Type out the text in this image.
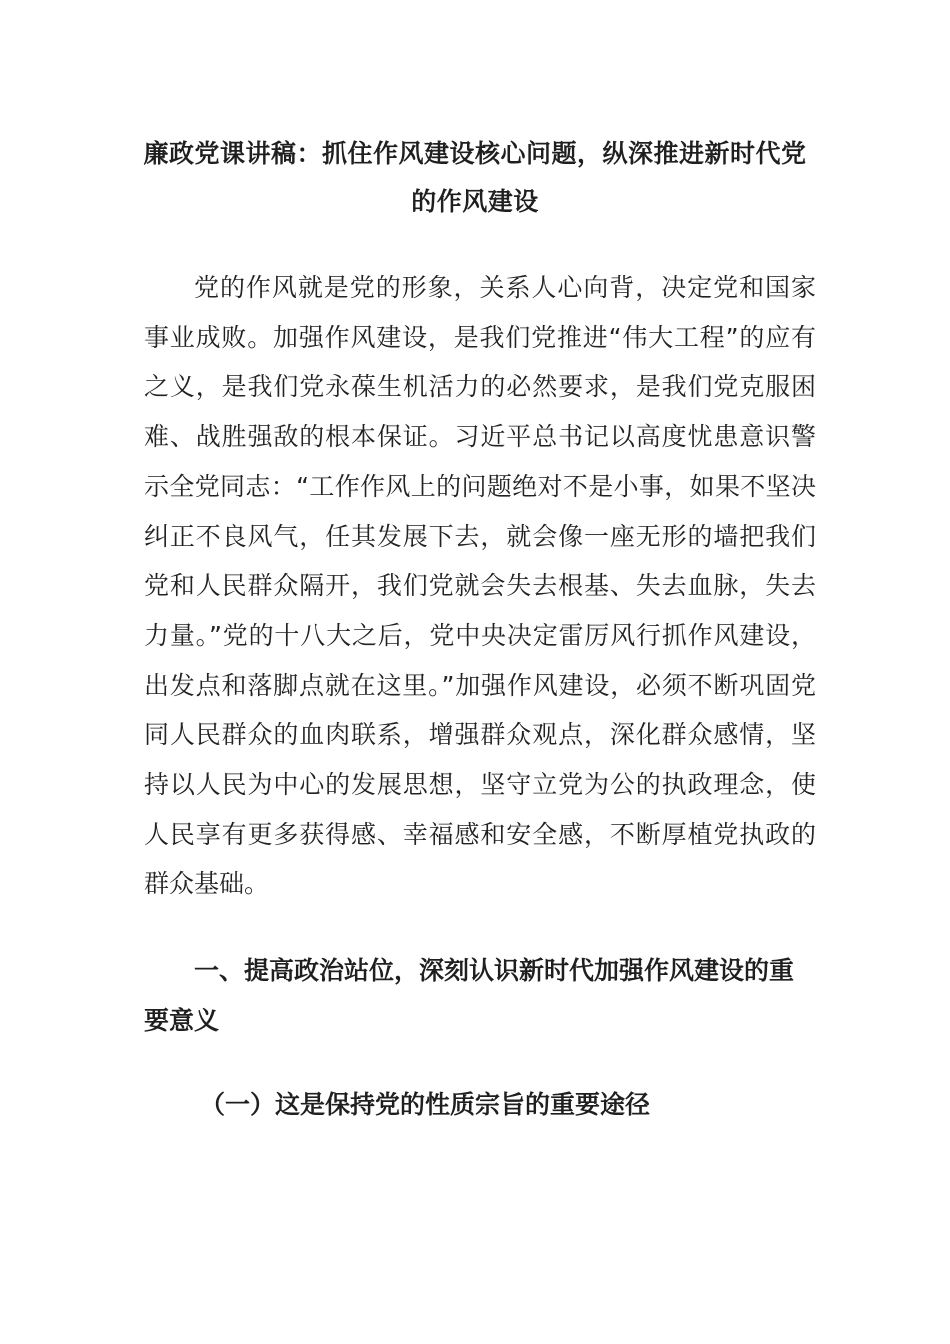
廉政党课讲稿：抓住作风建设核心问题，纵深推进新时代党的作风建设

党的作风就是党的形象，关系人心向背，决定党和国家事业成败。加强作风建设，是我们党推进“伟大工程”的应有之义，是我们党永葆生机活力的必然要求，是我们党克服困难、战胜强敌的根本保证。习近平总书记以高度忧患意识警示全党同志：“工作作风上的问题绝对不是小事，如果不坚决纠正不良风气，任其发展下去，就会像一座无形的墙把我们党和人民群众隔开，我们党就会失去根基、失去血脉，失去力量。”党的十八大之后，党中央决定雷厉风行抓作风建设，出发点和落脚点就在这里。”加强作风建设，必须不断巩固党同人民群众的血肉联系，增强群众观点，深化群众感情，坚持以人民为中心的发展思想，坚守立党为公的执政理念，使人民享有更多获得感、幸福感和安全感，不断厚植党执政的群众基础。

一、提高政治站位，深刻认识新时代加强作风建设的重要意义

（一）这是保持党的性质宗旨的重要途径
